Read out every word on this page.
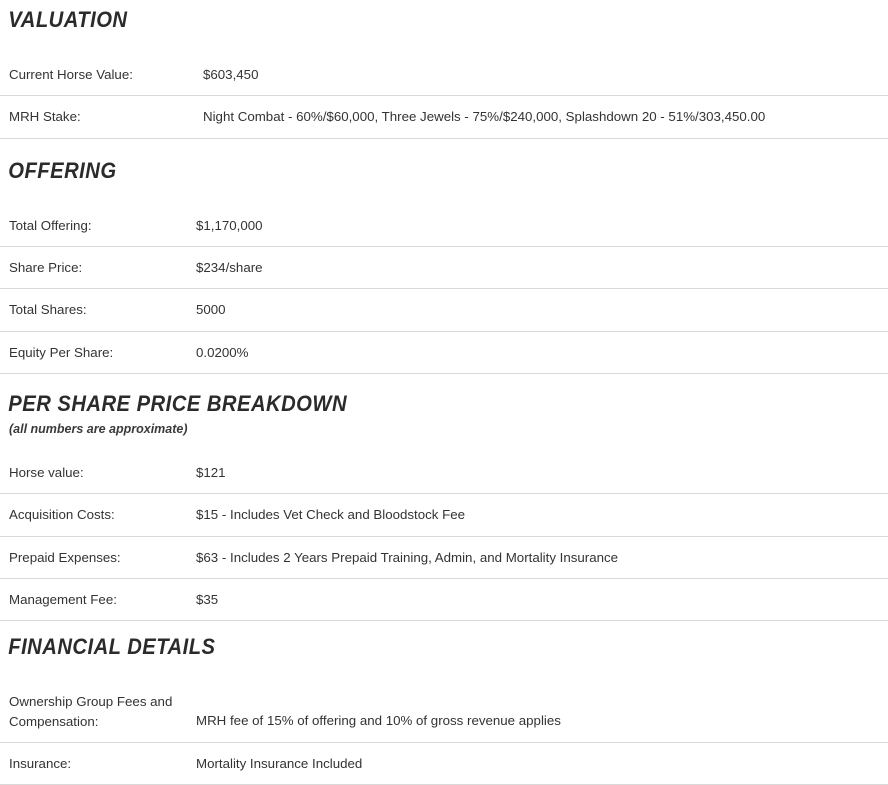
VALUATION
Current Horse Value:	$603,450
MRH Stake:	Night Combat - 60%/$60,000, Three Jewels - 75%/$240,000, Splashdown 20 - 51%/303,450.00
OFFERING
Total Offering:	$1,170,000
Share Price:	$234/share
Total Shares:	5000
Equity Per Share:	0.0200%
PER SHARE PRICE BREAKDOWN
(all numbers are approximate)
Horse value:	$121
Acquisition Costs:	$15 - Includes Vet Check and Bloodstock Fee
Prepaid Expenses:	$63 - Includes 2 Years Prepaid Training, Admin, and Mortality Insurance
Management Fee:	$35
FINANCIAL DETAILS
Ownership Group Fees and Compensation:	MRH fee of 15% of offering and 10% of gross revenue applies
Insurance:	Mortality Insurance Included
